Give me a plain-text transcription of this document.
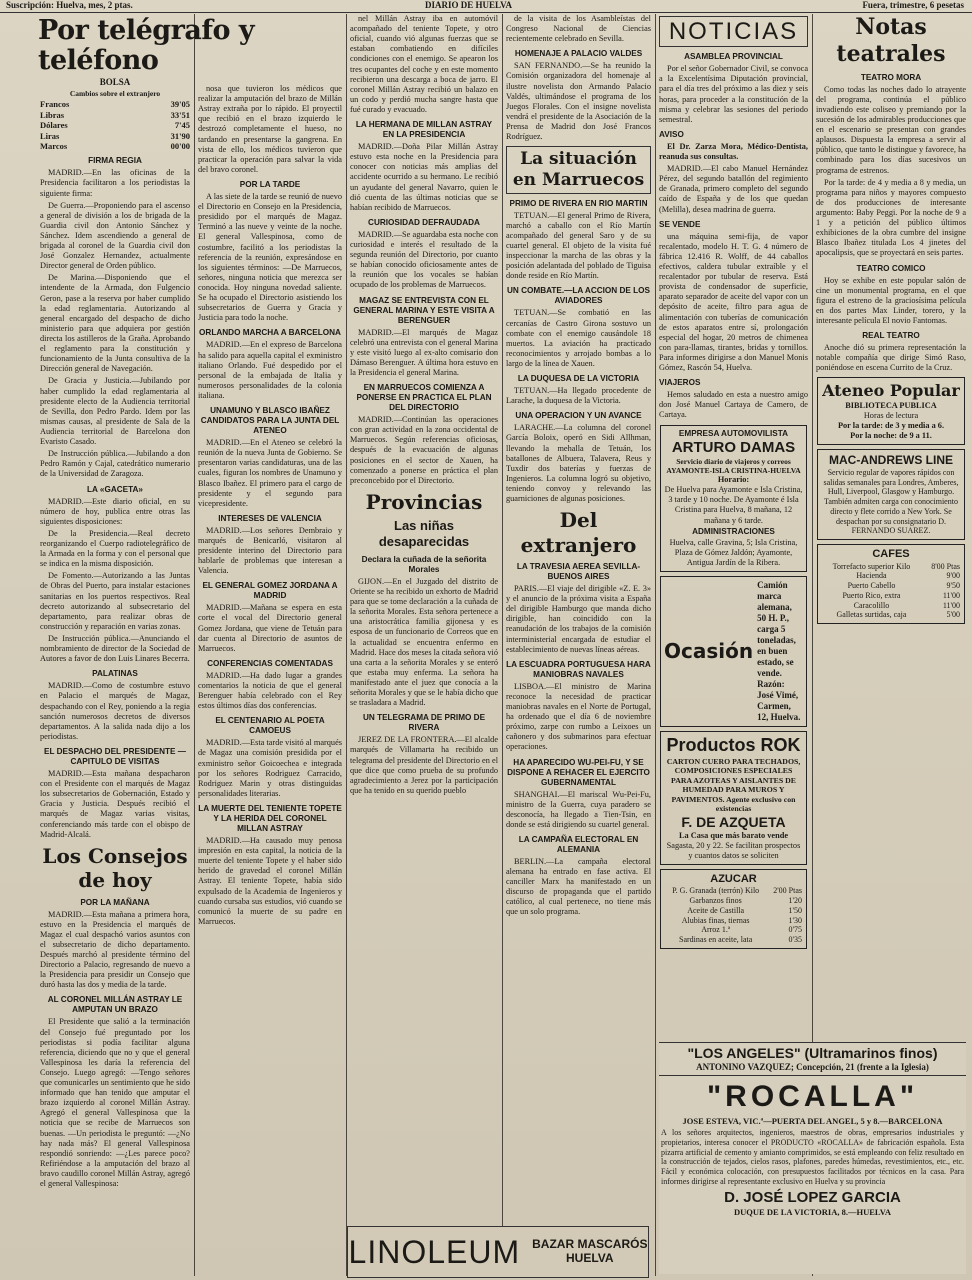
Suscripción: Huelva, mes, 2 ptas.	DIARIO DE HUELVA	Fuera, trimestre, 6 pesetas
Por telégrafo y teléfono
BOLSA
Cambios sobre el extranjero
Francos	39'05
Libras	33'51
Dólares	7'45
Liras	31'90
Marcos	00'00
FIRMA REGIA

MADRID.—En las oficinas de la Presidencia facilitaron a los periodistas la siguiente firma:

De Guerra.—Proponiendo para el ascenso a general de división a los de brigada de la Guardia civil don Antonio Sánchez y Sánchez. Idem ascendiendo a general de brigada al coronel de la Guardia civil don José Gonzalez Hernandez, actualmente Director general de Orden público.

De Marina.—Disponiendo que el intendente de la Armada, don Fulgencio Geron, pase a la reserva por haber cumplido la edad reglamentaria. Autorizando al general encargado del despacho de dicho ministerio para que adquiera por gestión directa los astilleros de la Graña. Aprobando el reglamento para la constitución y funcionamiento de la Junta consultiva de la Dirección general de Navegación.

De Gracia y Justicia.—Jubilando por haber cumplido la edad reglamentaria al presidente electo de la Audiencia territorial de Sevilla, don Pedro Pardo. Idem por las mismas causas, al presidente de Sala de la Audiencia territorial de Barcelona don Evaristo Casado.

De Instrucción pública.—Jubilando a don Pedro Ramón y Cajal, catedrático numerario de la Universidad de Zaragoza.

LA «GACETA»

MADRID.—Este diario oficial, en su número de hoy, publica entre otras las siguientes disposiciones:

De la Presidencia.—Real decreto reorganizando el Cuerpo radiotelegráfico de la Armada en la forma y con el personal que se indica en la misma disposición.

De Fomento.—Autorizando a las Juntas de Obras del Puerto, para instalar estaciones sanitarias en los puertos respectivos. Real decreto autorizando al subsecretario del departamento, para realizar obras de construcción y reparación en varias zonas.

De Instrucción pública.—Anunciando el nombramiento de director de la Sociedad de Autores a favor de don Luis Linares Becerra.

PALATINAS

MADRID.—Como de costumbre estuvo en Palacio el marqués de Magaz, despachando con el Rey, poniendo a la regia sanción numerosos decretos de diversos departamentos. A la salida nada dijo a los periodistas.

EL DESPACHO DEL PRESIDENTE —CAPITULO DE VISITAS

MADRID.—Esta mañana despacharon con el Presidente con el marqués de Magaz los subsecretarios de Gobernación, Estado y Gracia y Justicia. Después recibió el marqués de Magaz varias visitas, conferenciando más tarde con el obispo de Madrid-Alcalá.

Los Consejos de hoy
POR LA MAÑANA

MADRID.—Esta mañana a primera hora, estuvo en la Presidencia el marqués de Magaz el cual despachó varios asuntos con el subsecretario de dicho departamento. Después marchó al presidente término del Directorio a Palacio, regresando de nuevo a la Presidencia para presidir un Consejo que duró hasta las dos y media de la tarde.

AL CORONEL MILLÁN ASTRAY LE AMPUTAN UN BRAZO

El Presidente que salió a la terminación del Consejo fué preguntado por los periodistas si podía facilitar alguna referencia, diciendo que no y que el general Vallespinosa les daría la referencia del Consejo. Luego agregó: —Tengo señores que comunicarles un sentimiento que he sido informado que han tenido que amputar el brazo izquierdo al coronel Millán Astray. Agregó el general Vallespinosa que la noticia que se recibe de Marruecos son buenas. —Un periodista le preguntó: —¿No hay nada más? El general Vallespinosa respondió sonriendo: —¿Les parece poco? Refiriéndose a la amputación del brazo al bravo caudillo coronel Millán Astray, agregó el general Vallespinosa:

nosa que tuvieron los médicos que realizar la amputación del brazo de Millán Astray extraña por lo rápido. El proyectil que recibió en el brazo izquierdo le destrozó completamente el hueso, no tardando en presentarse la gangrena. En vista de ello, los médicos tuvieron que practicar la operación para salvar la vida del bravo coronel.

POR LA TARDE

A las siete de la tarde se reunió de nuevo el Directorio en Consejo en la Presidencia, presidido por el marqués de Magaz. Terminó a las nueve y veinte de la noche. El general Vallespinosa, como de costumbre, facilitó a los periodistas la referencia de la reunión, expresándose en los siguientes términos: —De Marruecos, señores, ninguna noticia que merezca ser conocida. Hoy ninguna novedad saliente. Se ha ocupado el Directorio asistiendo los subsecretarios de Guerra y Gracia y Justicia para todo la noche.

ORLANDO MARCHA A BARCELONA

MADRID.—En el expreso de Barcelona ha salido para aquella capital el exministro italiano Orlando. Fué despedido por el personal de la embajada de Italia y numerosos personalidades de la colonia italiana.

UNAMUNO Y BLASCO IBAÑEZ CANDIDATOS PARA LA JUNTA DEL ATENEO

MADRID.—En el Ateneo se celebró la reunión de la nueva Junta de Gobierno. Se presentaron varias candidaturas, una de las cuales, figuran los nombres de Unamuno y Blasco Ibañez. El primero para el cargo de presidente y el segundo para vicepresidente.

INTERESES DE VALENCIA

MADRID.—Los señores Dembraio y marqués de Benicarló, visitaron al presidente interino del Directorio para hablarle de problemas que interesan a Valencia.

EL GENERAL GOMEZ JORDANA A MADRID

MADRID.—Mañana se espera en esta corte el vocal del Directorio general Gomez Jordana, que viene de Tetuán para dar cuenta al Directorio de asuntos de Marruecos.

CONFERENCIAS COMENTADAS

MADRID.—Ha dado lugar a grandes comentarios la noticia de que el general Berenguer había celebrado con el Rey estos últimos días dos conferencias.

EL CENTENARIO AL POETA CAMOEUS

MADRID.—Esta tarde visitó al marqués de Magaz una comisión presidida por el exministro señor Goicoechea e integrada por los señores Rodriguez Carracido, Rodriguez Marin y otras distinguidas personalidades literarias.

LA MUERTE DEL TENIENTE TOPETE Y LA HERIDA DEL CORONEL MILLAN ASTRAY

MADRID.—Ha causado muy penosa impresión en esta capital, la noticia de la muerte del teniente Topete y el haber sido herido de gravedad el coronel Millán Astray. El teniente Topete, había sido expulsado de la Academia de Ingenieros y cuando cursaba sus estudios, vió cuando se comunicó la muerte de su padre en Marruecos.

nel Millán Astray iba en automóvil acompañado del teniente Topete, y otro oficial, cuando vió algunas fuerzas que se estaban combatiendo en difíciles condiciones con el enemigo. Se apearon los tres ocupantes del coche y en este momento recibieron una descarga a boca de jarro. El coronel Millán Astray recibió un balazo en un codo y perdió mucha sangre hasta que fué curado y evacuado.

LA HERMANA DE MILLAN ASTRAY EN LA PRESIDENCIA

MADRID.—Doña Pilar Millán Astray estuvo esta noche en la Presidencia para conocer con noticias más amplias del accidente ocurrido a su hermano. Le recibió un ayudante del general Navarro, quien le dió cuenta de las últimas noticias que se habían recibido de Marruecos.

CURIOSIDAD DEFRAUDADA

MADRID.—Se aguardaba esta noche con curiosidad e interés el resultado de la segunda reunión del Directorio, por cuanto se habían conocido oficiosamente antes de la reunión que los vocales se habían ocupado de los problemas de Marruecos.

MAGAZ SE ENTREVISTA CON EL GENERAL MARINA Y ESTE VISITA A BERENGUER

MADRID.—El marqués de Magaz celebró una entrevista con el general Marina y este visitó luego al ex-alto comisario don Dámaso Berenguer. A última hora estuvo en la Presidencia el general Marina.

EN MARRUECOS COMIENZA A PONERSE EN PRACTICA EL PLAN DEL DIRECTORIO

MADRID.—Continúan las operaciones con gran actividad en la zona occidental de Marruecos. Según referencias oficiosas, después de la evacuación de algunas posiciones en el sector de Xauen, ha comenzado a ponerse en práctica el plan preconcebido por el Directorio.

Provincias
Las niñas desaparecidas
Declara la cuñada de la señorita Morales

GIJON.—En el Juzgado del distrito de Oriente se ha recibido un exhorto de Madrid para que se tome declaración a la cuñada de la señorita Morales. Esta señora pertenece a una aristocrática familia gijonesa y es esposa de un funcionario de Correos que en la actualidad se encuentra enfermo en Madrid. Hace dos meses la citada señora vió una carta a la señorita Morales y se enteró que estaba muy enferma. La señora ha manifestado ante el juez que conocía a la señorita Morales y que se le había dicho que se trasladara a Madrid.

UN TELEGRAMA DE PRIMO DE RIVERA

JEREZ DE LA FRONTERA.—El alcalde marqués de Villamarta ha recibido un telegrama del presidente del Directorio en el que dice que como prueba de su profundo agradecimiento a Jerez por la participación que ha tenido en su querido pueblo

de la visita de los Asambleístas del Congreso Nacional de Ciencias recientemente celebrado en Sevilla.

HOMENAJE A PALACIO VALDES

SAN FERNANDO.—Se ha reunido la Comisión organizadora del homenaje al ilustre novelista don Armando Palacio Valdés, ultimándose el programa de los Juegos Florales. Con el insigne novelista vendrá el presidente de la Asociación de la Prensa de Madrid don José Francos Rodríguez.

La situación en Marruecos
PRIMO DE RIVERA EN RIO MARTIN

TETUAN.—El general Primo de Rivera, marchó a caballo con el Río Martín acompañado del general Saro y de su cuartel general. El objeto de la visita fué inspeccionar la marcha de las obras y la posición adelantada del poblado de Tiguisa donde reside en Río Martín.

UN COMBATE.—LA ACCION DE LOS AVIADORES

TETUAN.—Se combatió en las cercanías de Castro Girona sostuvo un combate con el enemigo causándole 18 muertos. La aviación ha practicado reconocimientos y arrojado bombas a lo largo de la línea de Xauen.

LA DUQUESA DE LA VICTORIA

TETUAN.—Ha llegado procedente de Larache, la duquesa de la Victoria.

UNA OPERACION Y UN AVANCE

LARACHE.—La columna del coronel García Boloix, operó en Sidi Allhman, llevando la mehalla de Tetuán, los batallones de Albuera, Talavera, Reus y Tuxdir dos baterías y fuerzas de Ingenieros. La columna logró su objetivo, teniendo convoy y relevando las guarniciones de algunas posiciones.

Del extranjero
LA TRAVESIA AEREA SEVILLA-BUENOS AIRES

PARIS.—El viaje del dirigible «Z. E. 3» y el anuncio de la próxima visita a España del dirigible Hamburgo que manda dicho dirigible, han coincidido con la reanudación de los trabajos de la comisión interministerial encargada de estudiar el establecimiento de nuevas líneas aéreas.

LA ESCUADRA PORTUGUESA HARA MANIOBRAS NAVALES

LISBOA.—El ministro de Marina reconoce la necesidad de practicar maniobras navales en el Norte de Portugal, ha ordenado que el día 6 de noviembre próximo, zarpe con rumbo a Leixoes un cañonero y dos submarinos para efectuar operaciones.

HA APARECIDO WU-PEI-FU, Y SE DISPONE A REHACER EL EJERCITO GUBERNAMENTAL

SHANGHAI.—El mariscal Wu-Pei-Fu, ministro de la Guerra, cuya paradero se desconocía, ha llegado a Tien-Tsin, en donde se está dirigiendo su cuartel general.

LA CAMPAÑA ELECTORAL EN ALEMANIA

BERLIN.—La campaña electoral alemana ha entrado en fase activa. El canciller Marx ha manifestado en un discurso de propaganda que el partido católico, al cual pertenece, no tiene más que un solo programa.

NOTICIAS
ASAMBLEA PROVINCIAL

Por el señor Gobernador Civil, se convoca a la Excelentísima Diputación provincial, para el día tres del próximo a las diez y seis horas, para proceder a la constitución de la misma y celebrar las sesiones del periodo semestral.

AVISO

El Dr. Zarza Mora, Médico-Dentista, reanuda sus consultas.

MADRID.—El cabo Manuel Hernández Pérez, del segundo batallón del regimiento de Granada, primero completo del segundo caído de España y de los que quedan (Melilla), desea madrina de guerra.

SE VENDE

una máquina semi-fija, de vapor recalentado, modelo H. T. G. 4 número de fábrica 12.416 R. Wolff, de 44 caballos efectivos, caldera tubular extraíble y el recalentador por tubular de reserva. Está provista de condensador de superficie, aparato separador de aceite del vapor con un depósito de aceite, filtro para agua de alimentación con tuberías de comunicación de estos aparatos entre sí, prolongación especial del hogar, 20 metros de chimenea con para-llamas, tirantes, bridas y tornillos. Para informes dirigirse a don Manuel Monis Gómez, Rascón 54, Huelva.

VIAJEROS

Hemos saludado en esta a nuestro amigo don José Manuel Cartaya de Camero, de Cartaya.

EMPRESA AUTOMOVILISTA
ARTURO DAMAS
Servicio diario de viajeros y correos AYAMONTE-ISLA CRISTINA-HUELVA
Horario:
De Huelva para Ayamonte e Isla Cristina, 3 tarde y 10 noche. De Ayamonte é Isla Cristina para Huelva, 8 mañana, 12 mañana y 6 tarde.
ADMINISTRACIONES
Huelva, calle Gravina, 5; Isla Cristina, Plaza de Gómez Jaldón; Ayamonte, Antigua Jardín de la Ribera.
Ocasión
Camión marca alemana, 50 H. P., carga 5 toneladas, en buen estado, se vende. Razón: José Vimé, Carmen, 12, Huelva.
Productos ROK
CARTON CUERO PARA TECHADOS, COMPOSICIONES ESPECIALES PARA AZOTEAS Y AISLANTES DE HUMEDAD PARA MUROS Y PAVIMENTOS. Agente exclusivo con existencias
F. DE AZQUETA
La Casa que más barato vende
Sagasta, 20 y 22. Se facilitan prospectos y cuantos datos se soliciten
AZUCAR
P. G. Granada (terrón) Kilo	2'00 Ptas
Garbanzos finos	1'20
Aceite de Castilla	1'50
Alubias finas, tiernas	1'30
Arroz 1.ª	0'75
Sardinas en aceite, lata	0'35
Notas teatrales
TEATRO MORA

Como todas las noches dado lo atrayente del programa, continúa el público invadiendo este coliseo y premiando por la sucesión de los admirables producciones que en el escenario se presentan con grandes aplausos. Dispuesta la empresa a servir al público, que tanto le distingue y favorece, ha combinado para los días sucesivos un programa de estrenos.

Por la tarde: de 4 y media a 8 y media, un programa para niños y mayores compuesto de dos producciones de interesante argumento: Baby Peggi. Por la noche de 9 a 1 y a petición del público últimos exhibiciones de la obra cumbre del insigne Blasco Ibañez titulada Los 4 jinetes del apocalipsis, que se proyectará en seis partes.

TEATRO COMICO

Hoy se exhibe en este popular salón de cine un monumental programa, en el que figura el estreno de la graciosísima película en dos partes Max Linder, torero, y la interesante película El novio Fantomas.

REAL TEATRO

Anoche dió su primera representación la notable compañía que dirige Simó Raso, poniéndose en escena Currito de la Cruz.

Ateneo Popular
BIBLIOTECA PUBLICA
Horas de lectura
Por la tarde: de 3 y media a 6.
Por la noche: de 9 a 11.
MAC-ANDREWS LINE
Servicio regular de vapores rápidos con salidas semanales para Londres, Amberes, Hull, Liverpool, Glasgow y Hamburgo. También admiten carga con conocimiento directo y flete corrido a New York. Se despachan por su consignatario D. FERNANDO SUAREZ.
CAFES
Torrefacto superior Kilo	8'00 Ptas
Hacienda	9'00
Puerto Cabello	9'50
Puerto Rico, extra	11'00
Caracolillo	11'00
Galletas surtidas, caja	5'00
"LOS ANGELES" (Ultramarinos finos)
ANTONINO VAZQUEZ; Concepción, 21 (frente a la Iglesia)
"ROCALLA"
JOSE ESTEVA, VIC.ª—PUERTA DEL ANGEL, 5 y 8.—BARCELONA
A los señores arquitectos, ingenieros, maestros de obras, empresarios industriales y propietarios, interesa conocer el PRODUCTO «ROCALLA» de fabricación española. Esta pizarra artificial de cemento y amianto comprimidos, se está empleando con feliz resultado en la construcción de tejados, cielos rasos, plafones, paredes húmedas, revestimientos, etc., etc. Fácil y económica colocación, con presupuestos facilitados por técnicos en la casa. Para informes dirigirse al representante exclusivo en Huelva y su provincia
D. JOSÉ LOPEZ GARCIA
DUQUE DE LA VICTORIA, 8.—HUELVA
LINOLEUM BAZAR MASCARÓS
HUELVA
